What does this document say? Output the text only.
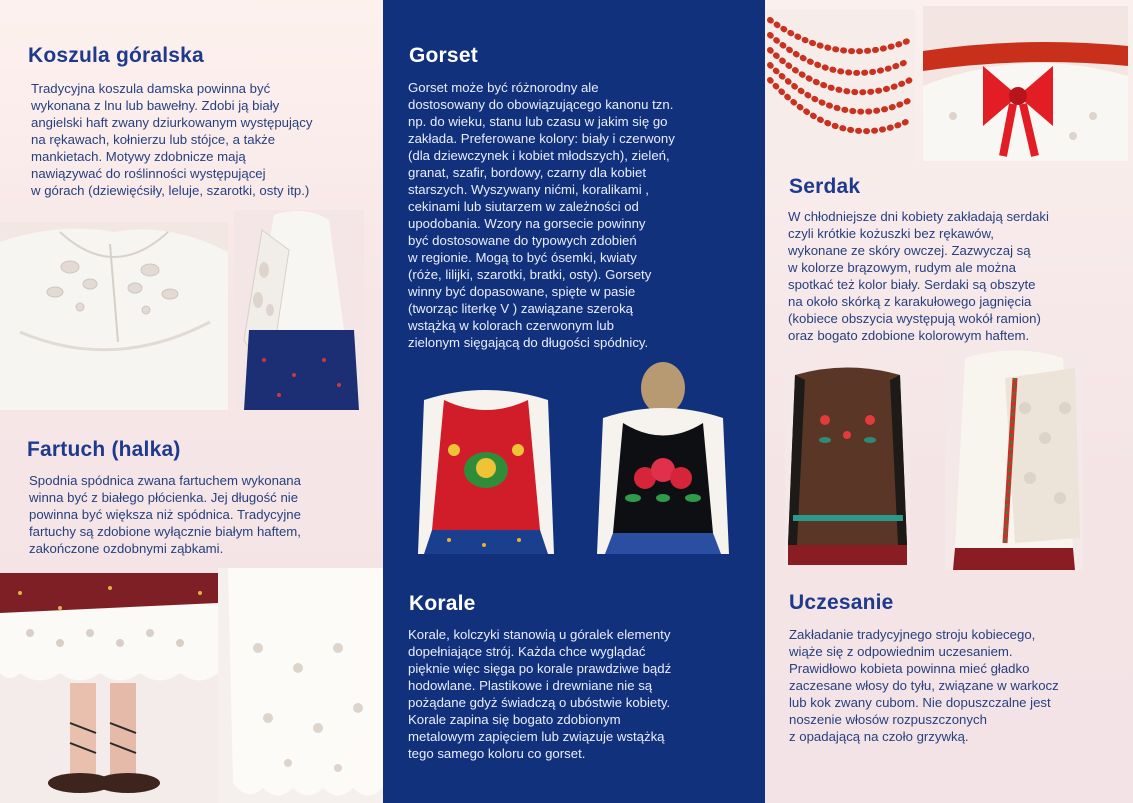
Koszula góralska

Tradycyjna koszula damska powinna być
wykonana z lnu lub bawełny. Zdobi ją biały
angielski haft zwany dziurkowanym występujący
na rękawach, kołnierzu lub stójce, a także
mankietach. Motywy zdobnicze mają
nawiązywać do roślinności występującej
w górach (dziewięćsiły, leluje, szarotki, osty itp.)

Fartuch (halka)

Spodnia spódnica zwana fartuchem wykonana
winna być z białego płócienka. Jej długość nie
powinna być większa niż spódnica. Tradycyjne
fartuchy są zdobione wyłącznie białym haftem,
zakończone ozdobnymi ząbkami.

Gorset

Gorset może być różnorodny ale
dostosowany do obowiązującego kanonu tzn.
np. do wieku, stanu lub czasu w jakim się go
zakłada. Preferowane kolory: biały i czerwony
(dla dziewczynek i kobiet młodszych), zieleń,
granat, szafir, bordowy, czarny dla kobiet
starszych. Wyszywany nićmi, koralikami ,
cekinami lub siutarzem w zależności od
upodobania. Wzory na gorsecie powinny
być dostosowane do typowych zdobień
w regionie. Mogą to być ósemki, kwiaty
(róże, lilijki, szarotki, bratki, osty). Gorsety
winny być dopasowane, spięte w pasie
(tworząc literkę V ) zawiązane szeroką
wstążką w kolorach czerwonym lub
zielonym sięgającą do długości spódnicy.

Korale

Korale, kolczyki stanowią u góralek elementy
dopełniające strój. Każda chce wyglądać
pięknie więc sięga po korale prawdziwe bądź
hodowlane. Plastikowe i drewniane nie są
pożądane gdyż świadczą o ubóstwie kobiety.
Korale zapina się bogato zdobionym
metalowym zapięciem lub związuje wstążką
tego samego koloru co gorset.

Serdak

W chłodniejsze dni kobiety zakładają serdaki
czyli krótkie kożuszki bez rękawów,
wykonane ze skóry owczej. Zazwyczaj są
w kolorze brązowym, rudym ale można
spotkać też kolor biały. Serdaki są obszyte
na około skórką z karakułowego jagnięcia
(kobiece obszycia występują wokół ramion)
oraz bogato zdobione kolorowym haftem.

Uczesanie

Zakładanie tradycyjnego stroju kobiecego,
wiąże się z odpowiednim uczesaniem.
Prawidłowo kobieta powinna mieć gładko
zaczesane włosy do tyłu, związane w warkocz
lub kok zwany cubom. Nie dopuszczalne jest
noszenie włosów rozpuszczonych
z opadającą na czoło grzywką.
